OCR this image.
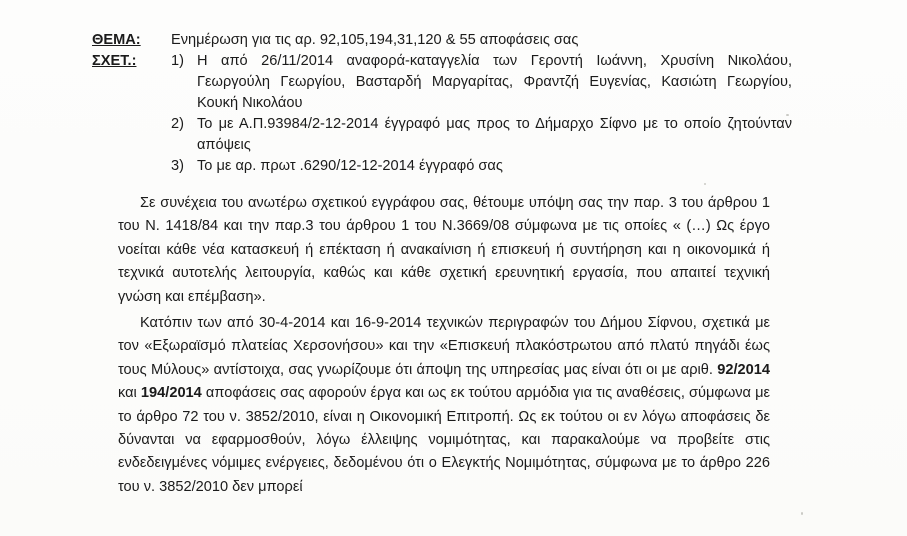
ΘΕΜΑ:	Ενημέρωση για τις αρ. 92,105,194,31,120 & 55 αποφάσεις σας
ΣΧΕΤ.:	1) Η από 26/11/2014 αναφορά-καταγγελία των Γεροντή Ιωάννη, Χρυσίνη Νικολάου, Γεωργούλη Γεωργίου, Βασταρδή Μαργαρίτας, Φραντζή Ευγενίας, Κασιώτη Γεωργίου, Κουκή Νικολάου
2) Το με Α.Π.93984/2-12-2014 έγγραφό μας προς το Δήμαρχο Σίφνο με το οποίο ζητούνταν απόψεις
3) Το με αρ. πρωτ .6290/12-12-2014 έγγραφό σας

Σε συνέχεια του ανωτέρω σχετικού εγγράφου σας, θέτουμε υπόψη σας την παρ. 3 του άρθρου 1 του Ν. 1418/84 και την παρ.3 του άρθρου 1 του Ν.3669/08 σύμφωνα με τις οποίες « (…) Ως έργο νοείται κάθε νέα κατασκευή ή επέκταση ή ανακαίνιση ή επισκευή ή συντήρηση και η οικονομικά ή τεχνικά αυτοτελής λειτουργία, καθώς και κάθε σχετική ερευνητική εργασία, που απαιτεί τεχνική γνώση και επέμβαση».

Κατόπιν των από 30-4-2014 και 16-9-2014 τεχνικών περιγραφών του Δήμου Σίφνου, σχετικά με τον «Εξωραϊσμό πλατείας Χερσονήσου» και την «Επισκευή πλακόστρωτου από πλατύ πηγάδι έως τους Μύλους» αντίστοιχα, σας γνωρίζουμε ότι άποψη της υπηρεσίας μας είναι ότι οι με αριθ. 92/2014 και 194/2014 αποφάσεις σας αφορούν έργα και ως εκ τούτου αρμόδια για τις αναθέσεις, σύμφωνα με το άρθρο 72 του ν. 3852/2010, είναι η Οικονομική Επιτροπή. Ως εκ τούτου οι εν λόγω αποφάσεις δε δύνανται να εφαρμοσθούν, λόγω έλλειψης νομιμότητας, και παρακαλούμε να προβείτε στις ενδεδειγμένες νόμιμες ενέργειες, δεδομένου ότι ο Ελεγκτής Νομιμότητας, σύμφωνα με το άρθρο 226 του ν. 3852/2010 δεν μπορεί
